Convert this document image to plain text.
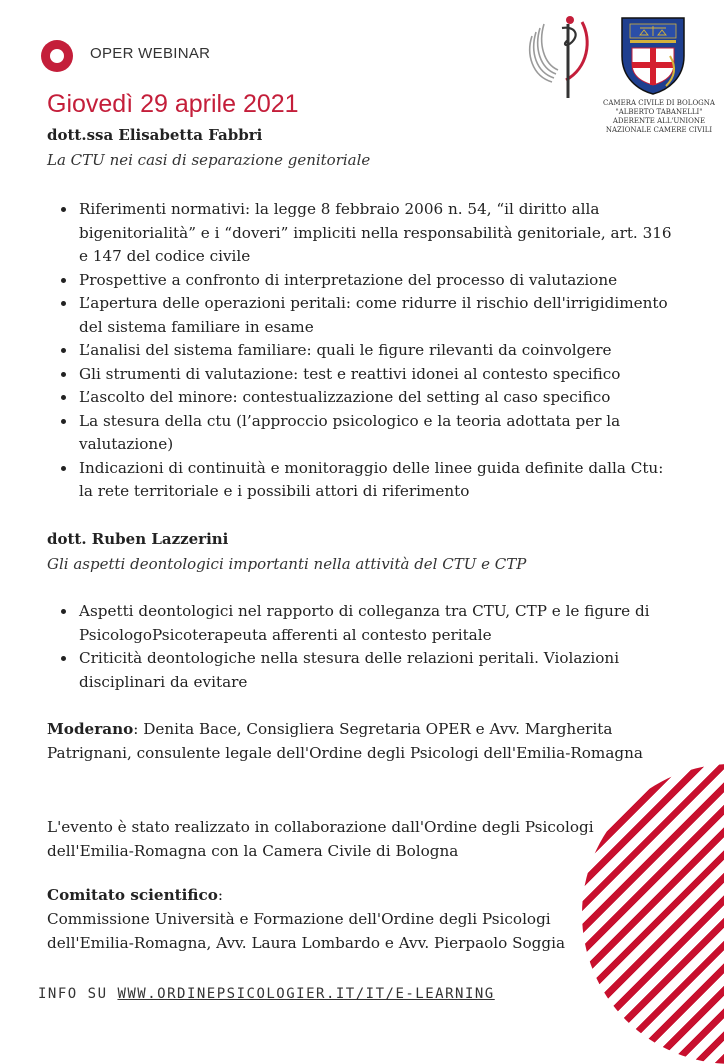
OPER WEBINAR
Giovedì 29 aprile 2021	CAMERA CIVILE DI BOLOGNA
"ALBERTO TABANELLI"
ADERENTE ALL'UNIONE
NAZIONALE CAMERE CIVILI
dott.ssa Elisabetta Fabbri
La CTU nei casi di separazione genitoriale
• Riferimenti normativi: la legge 8 febbraio 2006 n. 54, “il diritto alla bigenitorialità” e i “doveri” impliciti nella responsabilità genitoriale, art. 316 e 147 del codice civile
• Prospettive a confronto di interpretazione del processo di valutazione
• L’apertura delle operazioni peritali: come ridurre il rischio dell'irrigidimento del sistema familiare in esame
• L’analisi del sistema familiare: quali le figure rilevanti da coinvolgere
• Gli strumenti di valutazione: test e reattivi idonei al contesto specifico
• L’ascolto del minore: contestualizzazione del setting al caso specifico
• La stesura della ctu (l’approccio psicologico e la teoria adottata per la valutazione)
• Indicazioni di continuità e monitoraggio delle linee guida definite dalla Ctu: la rete territoriale e i possibili attori di riferimento
dott. Ruben Lazzerini
Gli aspetti deontologici importanti nella attività del CTU e CTP
• Aspetti deontologici nel rapporto di colleganza tra CTU, CTP e le figure di PsicologoPsicoterapeuta afferenti al contesto peritale
• Criticità deontologiche nella stesura delle relazioni peritali. Violazioni disciplinari da evitare
Moderano: Denita Bace, Consigliera Segretaria OPER e Avv. Margherita Patrignani, consulente legale dell'Ordine degli Psicologi dell'Emilia-Romagna
L'evento è stato realizzato in collaborazione dall'Ordine degli Psicologi dell'Emilia-Romagna con la Camera Civile di Bologna
Comitato scientifico:
Commissione Università e Formazione dell'Ordine degli Psicologi dell'Emilia-Romagna, Avv. Laura Lombardo e Avv. Pierpaolo Soggia
INFO SU WWW.ORDINEPSICOLOGIER.IT/IT/E-LEARNING
